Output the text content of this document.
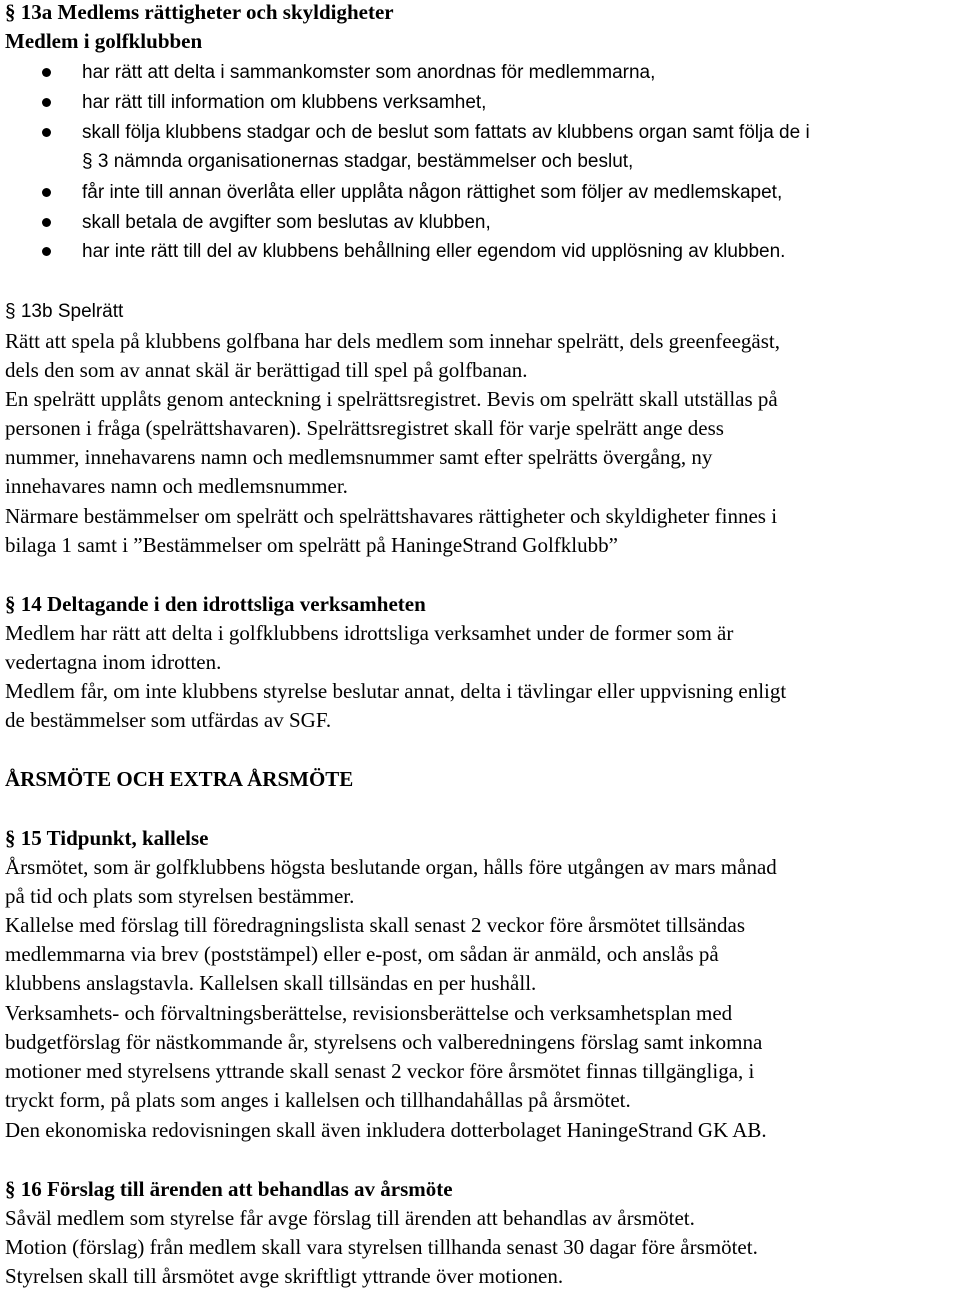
§ 13a Medlems rättigheter och skyldigheter
Medlem i golfklubben
har rätt att delta i sammankomster som anordnas för medlemmarna,
har rätt till information om klubbens verksamhet,
skall följa klubbens stadgar och de beslut som fattats av klubbens organ samt följa de i
§ 3 nämnda organisationernas stadgar, bestämmelser och beslut,
får inte till annan överlåta eller upplåta någon rättighet som följer av medlemskapet,
skall betala de avgifter som beslutas av klubben,
har inte rätt till del av klubbens behållning eller egendom vid upplösning av klubben.
§ 13b Spelrätt
Rätt att spela på klubbens golfbana har dels medlem som innehar spelrätt, dels greenfeegäst,
dels den som av annat skäl är berättigad till spel på golfbanan.
En spelrätt upplåts genom anteckning i spelrättsregistret. Bevis om spelrätt skall utställas på
personen i fråga (spelrättshavaren). Spelrättsregistret skall för varje spelrätt ange dess
nummer, innehavarens namn och medlemsnummer samt efter spelrätts övergång, ny
innehavares namn och medlemsnummer.
Närmare bestämmelser om spelrätt och spelrättshavares rättigheter och skyldigheter finnes i
bilaga 1 samt i ”Bestämmelser om spelrätt på HaningeStrand Golfklubb”
§ 14 Deltagande i den idrottsliga verksamheten
Medlem har rätt att delta i golfklubbens idrottsliga verksamhet under de former som är
vedertagna inom idrotten.
Medlem får, om inte klubbens styrelse beslutar annat, delta i tävlingar eller uppvisning enligt
de bestämmelser som utfärdas av SGF.
ÅRSMÖTE OCH EXTRA ÅRSMÖTE
§ 15 Tidpunkt, kallelse
Årsmötet, som är golfklubbens högsta beslutande organ, hålls före utgången av mars månad
på tid och plats som styrelsen bestämmer.
Kallelse med förslag till föredragningslista skall senast 2 veckor före årsmötet tillsändas
medlemmarna via brev (poststämpel) eller e-post, om sådan är anmäld, och anslås på
klubbens anslagstavla. Kallelsen skall tillsändas en per hushåll.
Verksamhets- och förvaltningsberättelse, revisionsberättelse och verksamhetsplan med
budgetförslag för nästkommande år, styrelsens och valberedningens förslag samt inkomna
motioner med styrelsens yttrande skall senast 2 veckor före årsmötet finnas tillgängliga, i
tryckt form, på plats som anges i kallelsen och tillhandahållas på årsmötet.
Den ekonomiska redovisningen skall även inkludera dotterbolaget HaningeStrand GK AB.
§ 16 Förslag till ärenden att behandlas av årsmöte
Såväl medlem som styrelse får avge förslag till ärenden att behandlas av årsmötet.
Motion (förslag) från medlem skall vara styrelsen tillhanda senast 30 dagar före årsmötet.
Styrelsen skall till årsmötet avge skriftligt yttrande över motionen.
